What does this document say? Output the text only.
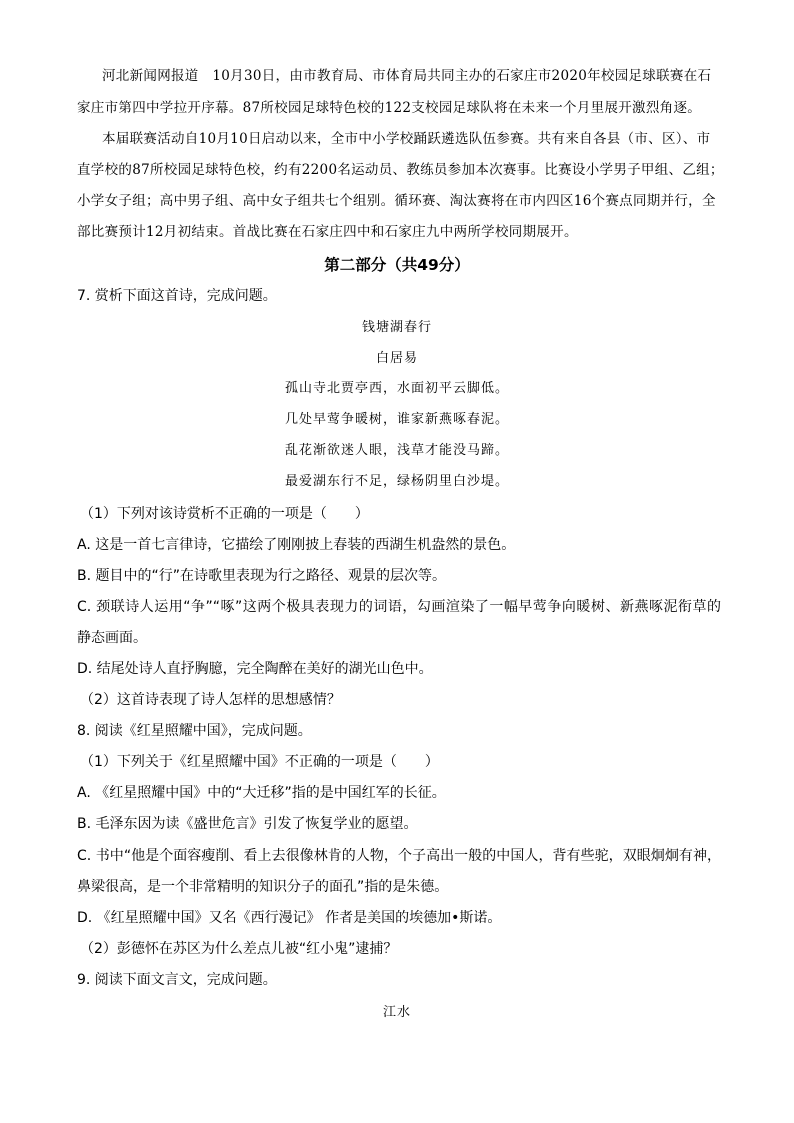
河北新闻网报道　10月30日，由市教育局、市体育局共同主办的石家庄市2020年校园足球联赛在石
家庄市第四中学拉开序幕。87所校园足球特色校的122支校园足球队将在未来一个月里展开激烈角逐。
本届联赛活动自10月10日启动以来，全市中小学校踊跃遴选队伍参赛。共有来自各县（市、区）、市
直学校的87所校园足球特色校，约有2200名运动员、教练员参加本次赛事。比赛设小学男子甲组、乙组；
小学女子组；高中男子组、高中女子组共七个组别。循环赛、淘汰赛将在市内四区16个赛点同期并行，全
部比赛预计12月初结束。首战比赛在石家庄四中和石家庄九中两所学校同期展开。
第二部分（共49分）
7. 赏析下面这首诗，完成问题。
钱塘湖春行
白居易
孤山寺北贾亭西，水面初平云脚低。
几处早莺争暖树，谁家新燕啄春泥。
乱花渐欲迷人眼，浅草才能没马蹄。
最爱湖东行不足，绿杨阴里白沙堤。
（1）下列对该诗赏析不正确的一项是（　　）
A. 这是一首七言律诗，它描绘了刚刚披上春装的西湖生机盎然的景色。
B. 题目中的“行”在诗歌里表现为行之路径、观景的层次等。
C. 颈联诗人运用“争”“啄”这两个极具表现力的词语，勾画渲染了一幅早莺争向暖树、新燕啄泥衔草的
静态画面。
D. 结尾处诗人直抒胸臆，完全陶醉在美好的湖光山色中。
（2）这首诗表现了诗人怎样的思想感情？
8. 阅读《红星照耀中国》，完成问题。
（1）下列关于《红星照耀中国》不正确的一项是（　　）
A. 《红星照耀中国》中的“大迁移”指的是中国红军的长征。
B. 毛泽东因为读《盛世危言》引发了恢复学业的愿望。
C. 书中“他是个面容瘦削、看上去很像林肯的人物，个子高出一般的中国人，背有些驼，双眼炯炯有神，
鼻梁很高，是一个非常精明的知识分子的面孔”指的是朱德。
D. 《红星照耀中国》又名《西行漫记》 作者是美国的埃德加•斯诺。
（2）彭德怀在苏区为什么差点儿被“红小鬼”逮捕？
9. 阅读下面文言文，完成问题。
江水
